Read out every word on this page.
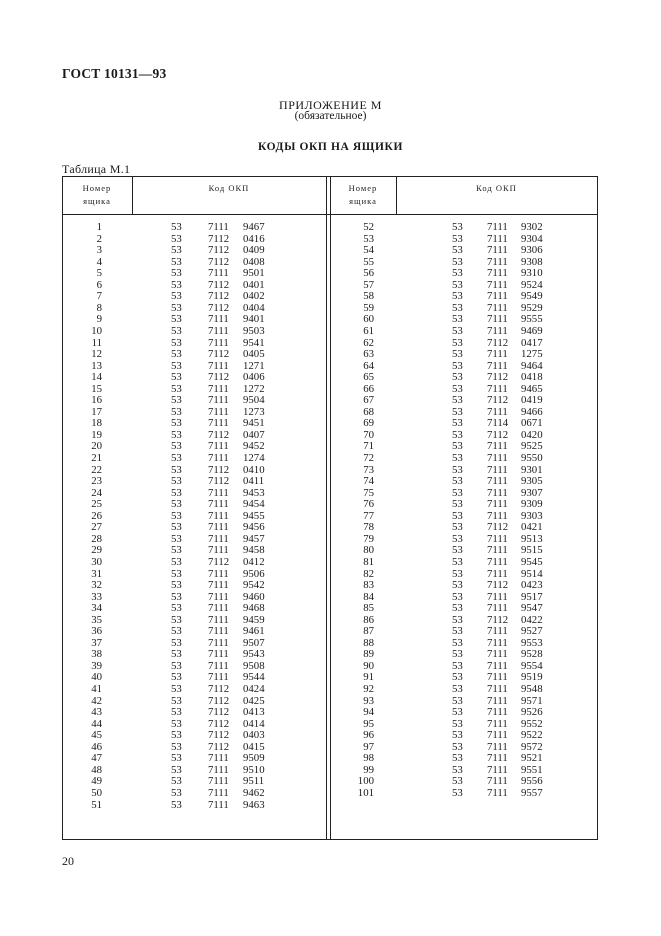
ГОСТ 10131—93
ПРИЛОЖЕНИЕ М
(обязательное)
КОДЫ ОКП НА ЯЩИКИ
Таблица М.1
Номер
ящика
Код ОКП	Номер
ящика
Код ОКП
1	53 7111 9467
2	53 7112 0416
3	53 7112 0409
4	53 7112 0408
5	53 7111 9501
6	53 7112 0401
7	53 7112 0402
8	53 7112 0404
9	53 7111 9401
10	53 7111 9503
11	53 7111 9541
12	53 7112 0405
13	53 7111 1271
14	53 7112 0406
15	53 7111 1272
16	53 7111 9504
17	53 7111 1273
18	53 7111 9451
19	53 7112 0407
20	53 7111 9452
21	53 7111 1274
22	53 7112 0410
23	53 7112 0411
24	53 7111 9453
25	53 7111 9454
26	53 7111 9455
27	53 7111 9456
28	53 7111 9457
29	53 7111 9458
30	53 7112 0412
31	53 7111 9506
32	53 7111 9542
33	53 7111 9460
34	53 7111 9468
35	53 7111 9459
36	53 7111 9461
37	53 7111 9507
38	53 7111 9543
39	53 7111 9508
40	53 7111 9544
41	53 7112 0424
42	53 7112 0425
43	53 7112 0413
44	53 7112 0414
45	53 7112 0403
46	53 7112 0415
47	53 7111 9509
48	53 7111 9510
49	53 7111 9511
50	53 7111 9462
51	53 7111 9463
52	53 7111 9302
53	53 7111 9304
54	53 7111 9306
55	53 7111 9308
56	53 7111 9310
57	53 7111 9524
58	53 7111 9549
59	53 7111 9529
60	53 7111 9555
61	53 7111 9469
62	53 7112 0417
63	53 7111 1275
64	53 7111 9464
65	53 7112 0418
66	53 7111 9465
67	53 7112 0419
68	53 7111 9466
69	53 7114 0671
70	53 7112 0420
71	53 7111 9525
72	53 7111 9550
73	53 7111 9301
74	53 7111 9305
75	53 7111 9307
76	53 7111 9309
77	53 7111 9303
78	53 7112 0421
79	53 7111 9513
80	53 7111 9515
81	53 7111 9545
82	53 7111 9514
83	53 7112 0423
84	53 7111 9517
85	53 7111 9547
86	53 7112 0422
87	53 7111 9527
88	53 7111 9553
89	53 7111 9528
90	53 7111 9554
91	53 7111 9519
92	53 7111 9548
93	53 7111 9571
94	53 7111 9526
95	53 7111 9552
96	53 7111 9522
97	53 7111 9572
98	53 7111 9521
99	53 7111 9551
100	53 7111 9556
101	53 7111 9557
20
